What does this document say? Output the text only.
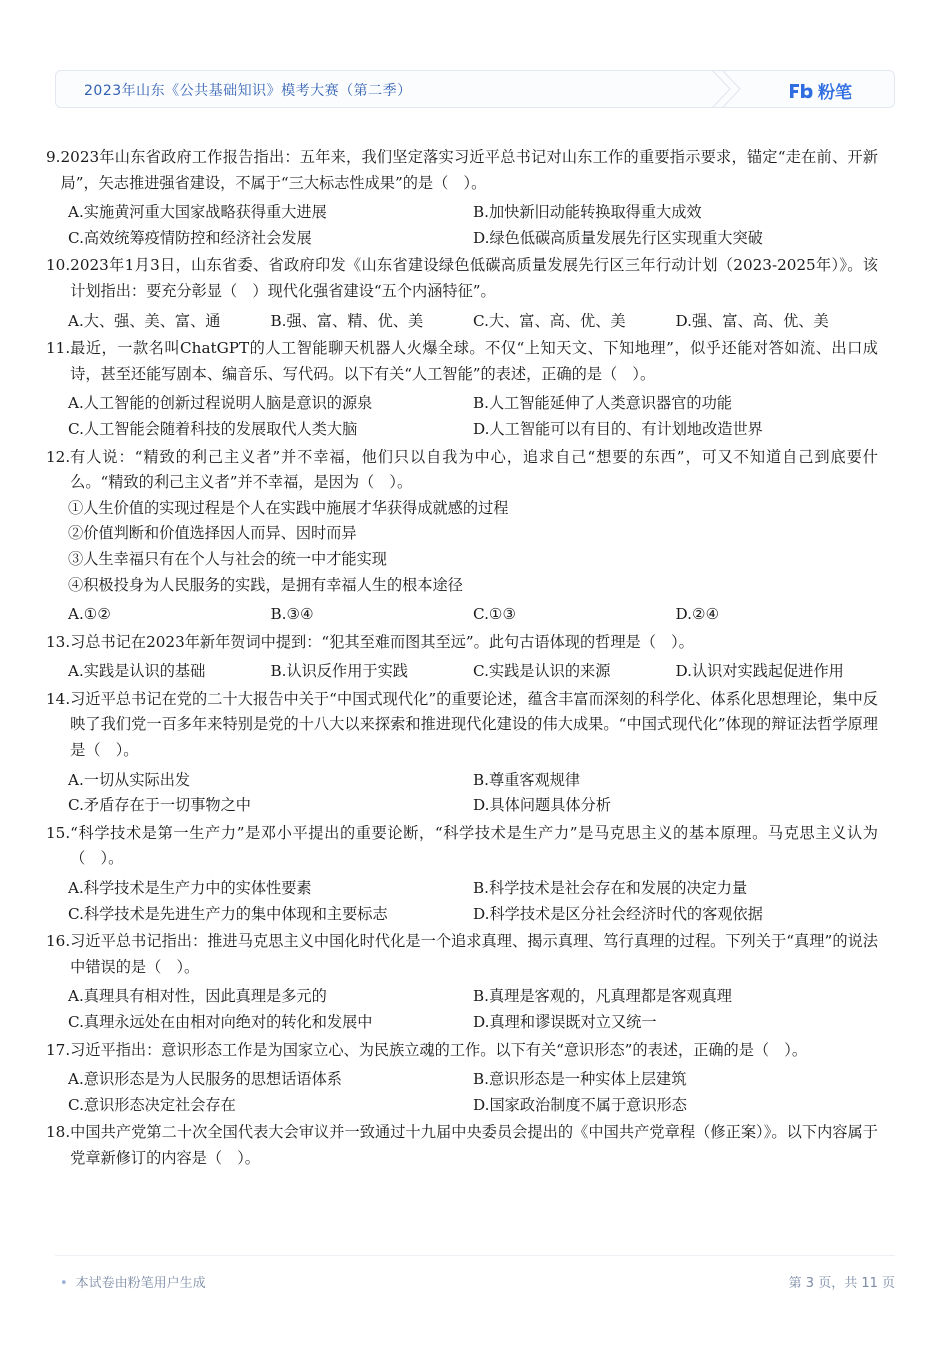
2023年山东《公共基础知识》模考大赛（第二季）	粉笔
9. 2023年山东省政府工作报告指出：五年来，我们坚定落实习近平总书记对山东工作的重要指示要求，锚定“走在前、开新局”，矢志推进强省建设，不属于“三大标志性成果”的是（　）。
A.实施黄河重大国家战略获得重大进展	B.加快新旧动能转换取得重大成效
C.高效统筹疫情防控和经济社会发展	D.绿色低碳高质量发展先行区实现重大突破
10. 2023年1月3日，山东省委、省政府印发《山东省建设绿色低碳高质量发展先行区三年行动计划（2023-2025年）》。该计划指出：要充分彰显（　）现代化强省建设“五个内涵特征”。
A.大、强、美、富、通	B.强、富、精、优、美	C.大、富、高、优、美	D.强、富、高、优、美
11. 最近，一款名叫ChatGPT的人工智能聊天机器人火爆全球。不仅“上知天文、下知地理”，似乎还能对答如流、出口成诗，甚至还能写剧本、编音乐、写代码。以下有关“人工智能”的表述，正确的是（　）。
A.人工智能的创新过程说明人脑是意识的源泉	B.人工智能延伸了人类意识器官的功能
C.人工智能会随着科技的发展取代人类大脑	D.人工智能可以有目的、有计划地改造世界
12. 有人说：“精致的利己主义者”并不幸福，他们只以自我为中心，追求自己“想要的东西”，可又不知道自己到底要什么。“精致的利己主义者”并不幸福，是因为（　）。
①人生价值的实现过程是个人在实践中施展才华获得成就感的过程
②价值判断和价值选择因人而异、因时而异
③人生幸福只有在个人与社会的统一中才能实现
④积极投身为人民服务的实践，是拥有幸福人生的根本途径
A.①②	B.③④	C.①③	D.②④
13. 习总书记在2023年新年贺词中提到：“犯其至难而图其至远”。此句古语体现的哲理是（　）。
A.实践是认识的基础	B.认识反作用于实践	C.实践是认识的来源	D.认识对实践起促进作用
14. 习近平总书记在党的二十大报告中关于“中国式现代化”的重要论述，蕴含丰富而深刻的科学化、体系化思想理论，集中反映了我们党一百多年来特别是党的十八大以来探索和推进现代化建设的伟大成果。“中国式现代化”体现的辩证法哲学原理是（　）。
A.一切从实际出发	B.尊重客观规律
C.矛盾存在于一切事物之中	D.具体问题具体分析
15. “科学技术是第一生产力”是邓小平提出的重要论断，“科学技术是生产力”是马克思主义的基本原理。马克思主义认为（　）。
A.科学技术是生产力中的实体性要素	B.科学技术是社会存在和发展的决定力量
C.科学技术是先进生产力的集中体现和主要标志	D.科学技术是区分社会经济时代的客观依据
16. 习近平总书记指出：推进马克思主义中国化时代化是一个追求真理、揭示真理、笃行真理的过程。下列关于“真理”的说法中错误的是（　）。
A.真理具有相对性，因此真理是多元的	B.真理是客观的，凡真理都是客观真理
C.真理永远处在由相对向绝对的转化和发展中	D.真理和谬误既对立又统一
17. 习近平指出：意识形态工作是为国家立心、为民族立魂的工作。以下有关“意识形态”的表述，正确的是（　）。
A.意识形态是为人民服务的思想话语体系	B.意识形态是一种实体上层建筑
C.意识形态决定社会存在	D.国家政治制度不属于意识形态
18. 中国共产党第二十次全国代表大会审议并一致通过十九届中央委员会提出的《中国共产党章程（修正案）》。以下内容属于党章新修订的内容是（　）。
• 本试卷由粉笔用户生成	第 3 页，共 11 页
